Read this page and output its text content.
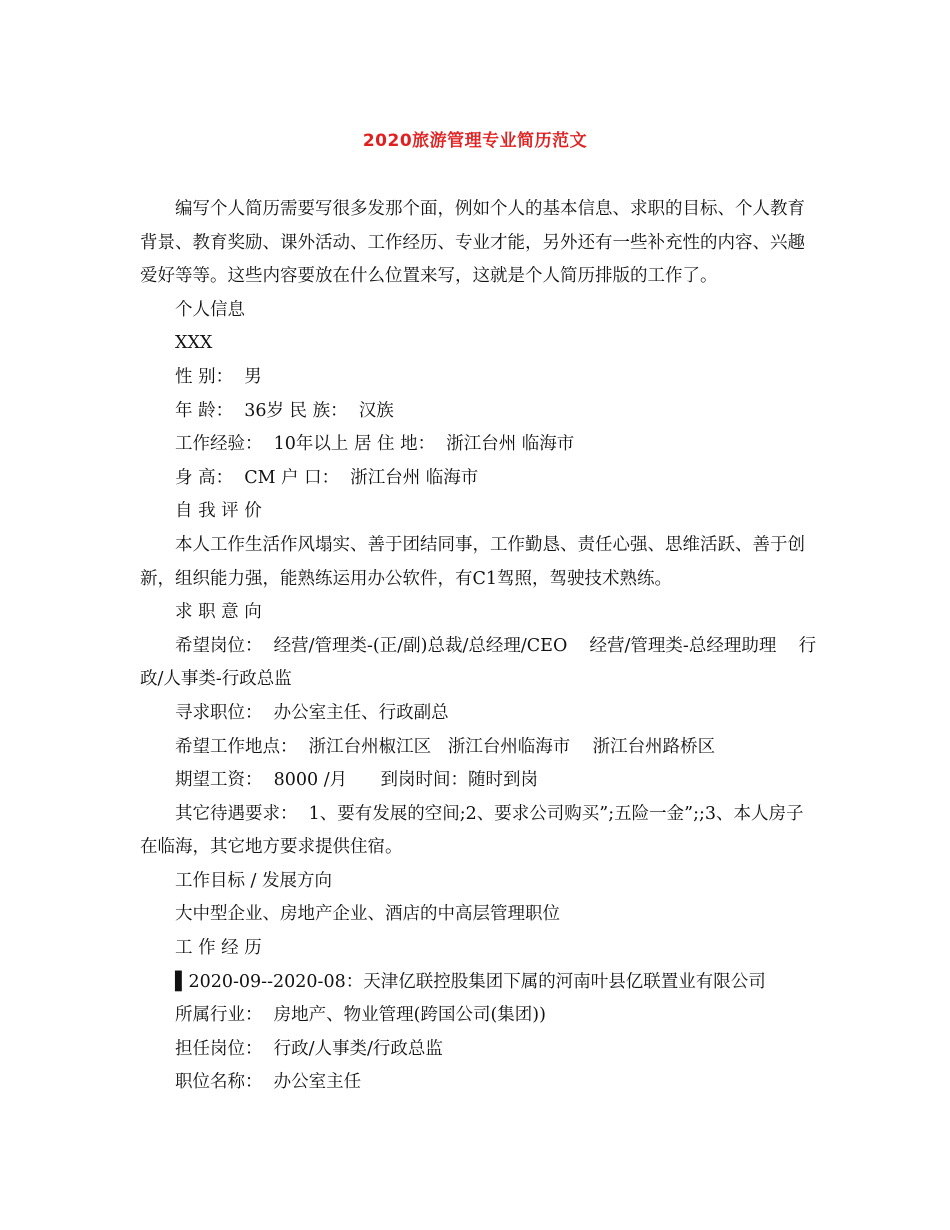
2020旅游管理专业简历范文

编写个人简历需要写很多发那个面，例如个人的基本信息、求职的目标、个人教育背景、教育奖励、课外活动、工作经历、专业才能，另外还有一些补充性的内容、兴趣爱好等等。这些内容要放在什么位置来写，这就是个人简历排版的工作了。

个人信息

XXX

性 别：  男

年 龄：  36岁 民 族：  汉族

工作经验：  10年以上 居 住 地：  浙江台州 临海市

身 高：  CM 户 口：  浙江台州 临海市

自 我 评 价

本人工作生活作风塌实、善于团结同事，工作勤恳、责任心强、思维活跃、善于创新，组织能力强，能熟练运用办公软件，有C1驾照，驾驶技术熟练。

求 职 意 向

希望岗位：  经营/管理类-(正/副)总裁/总经理/CEO    经营/管理类-总经理助理    行政/人事类-行政总监

寻求职位：  办公室主任、行政副总

希望工作地点：  浙江台州椒江区   浙江台州临海市    浙江台州路桥区

期望工资：  8000 /月      到岗时间：随时到岗

其它待遇要求：  1、要有发展的空间;2、要求公司购买”;五险一金”;;3、本人房子在临海，其它地方要求提供住宿。

工作目标 / 发展方向

大中型企业、房地产企业、酒店的中高层管理职位

工 作 经 历

▌2020-09--2020-08：天津亿联控股集团下属的河南叶县亿联置业有限公司

所属行业：  房地产、物业管理(跨国公司(集团))

担任岗位：  行政/人事类/行政总监

职位名称：  办公室主任
